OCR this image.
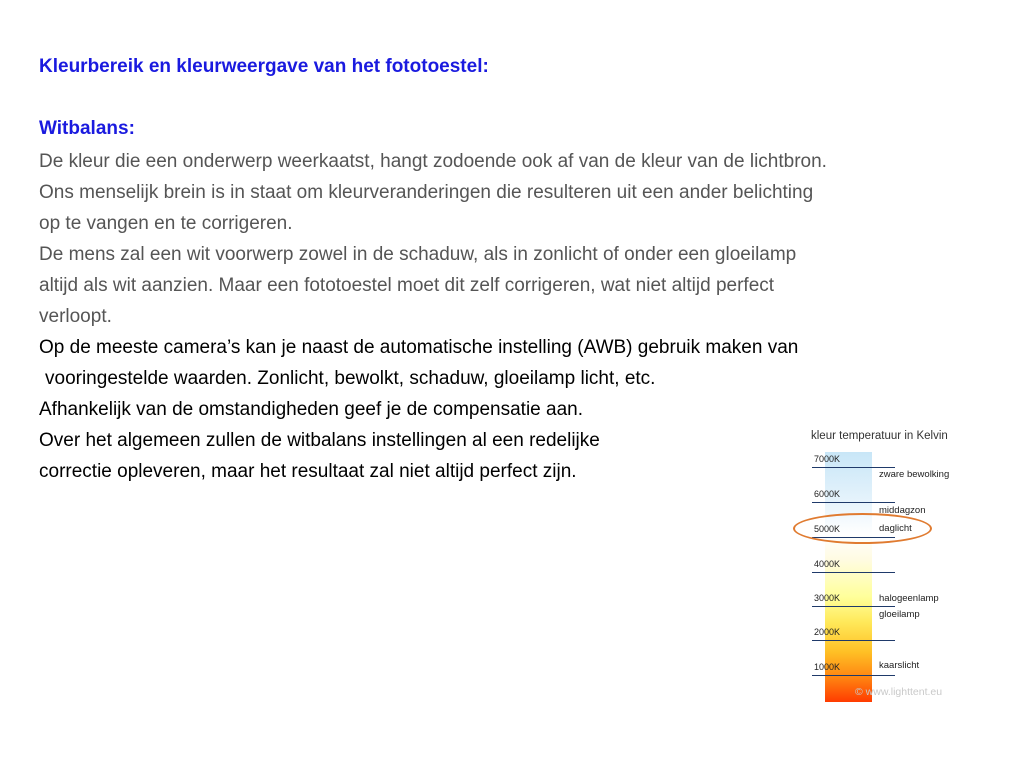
Kleurbereik en kleurweergave van het fototoestel:
Witbalans:
De kleur die een onderwerp weerkaatst, hangt zodoende ook af van de kleur van de lichtbron.
Ons menselijk brein is in staat om kleurveranderingen die resulteren uit een ander belichting
op te vangen en te corrigeren.
De mens zal een wit voorwerp zowel in de schaduw, als in zonlicht of onder een gloeilamp
altijd als wit aanzien. Maar een fototoestel moet dit zelf corrigeren, wat niet altijd perfect
verloopt.
Op de meeste camera’s kan je naast de automatische instelling (AWB) gebruik maken van
vooringestelde waarden. Zonlicht, bewolkt, schaduw, gloeilamp licht, etc.
Afhankelijk van de omstandigheden geef je de compensatie aan.
Over het algemeen zullen de witbalans instellingen al een redelijke
correctie opleveren, maar het resultaat zal niet altijd perfect zijn.
kleur temperatuur in Kelvin
7000K
6000K
5000K
4000K
3000K
2000K
1000K
zware bewolking
middagzon
daglicht
halogeenlamp
gloeilamp
kaarslicht
© www.lighttent.eu
